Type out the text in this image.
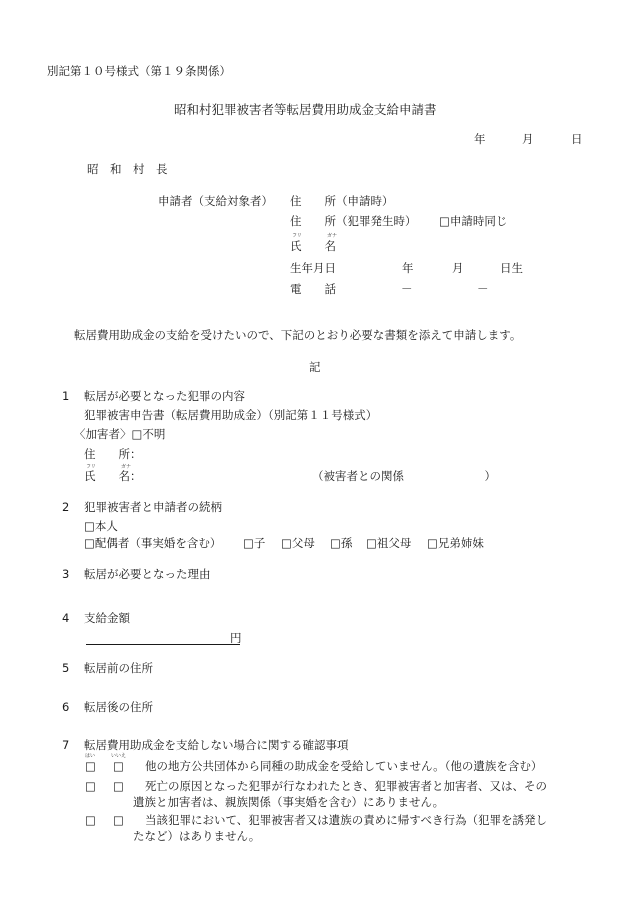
別記第１０号様式（第１９条関係）
昭和村犯罪被害者等転居費用助成金支給申請書
年	月	日
昭　和　村　長
申請者（支給対象者） 住　　所（申請時）
住　　所（犯罪発生時） □申請時同じ
フリ	ガナ
氏　　名
生年月日	年	月	日生
電　　話	－	－
転居費用助成金の支給を受けたいので、下記のとおり必要な書類を添えて申請します。
記
1 転居が必要となった犯罪の内容
犯罪被害申告書（転居費用助成金）（別記第１１号様式）
〈加害者〉□不明
住　　所：
フリ	ガナ
氏　　名：	（被害者との関係　　　　　　　）
2 犯罪被害者と申請者の続柄
□本人
□配偶者（事実婚を含む） □子 □父母 □孫 □祖父母 □兄弟姉妹
3 転居が必要となった理由
4 支給金額
円
5 転居前の住所
6 転居後の住所
7 転居費用助成金を支給しない場合に関する確認事項
はい	いいえ
□ □ 他の地方公共団体から同種の助成金を受給していません。（他の遺族を含む）
□ □ 死亡の原因となった犯罪が行なわれたとき、犯罪被害者と加害者、又は、その
遺族と加害者は、親族関係（事実婚を含む）にありません。
□ □ 当該犯罪において、犯罪被害者又は遺族の責めに帰すべき行為（犯罪を誘発し
たなど）はありません。
